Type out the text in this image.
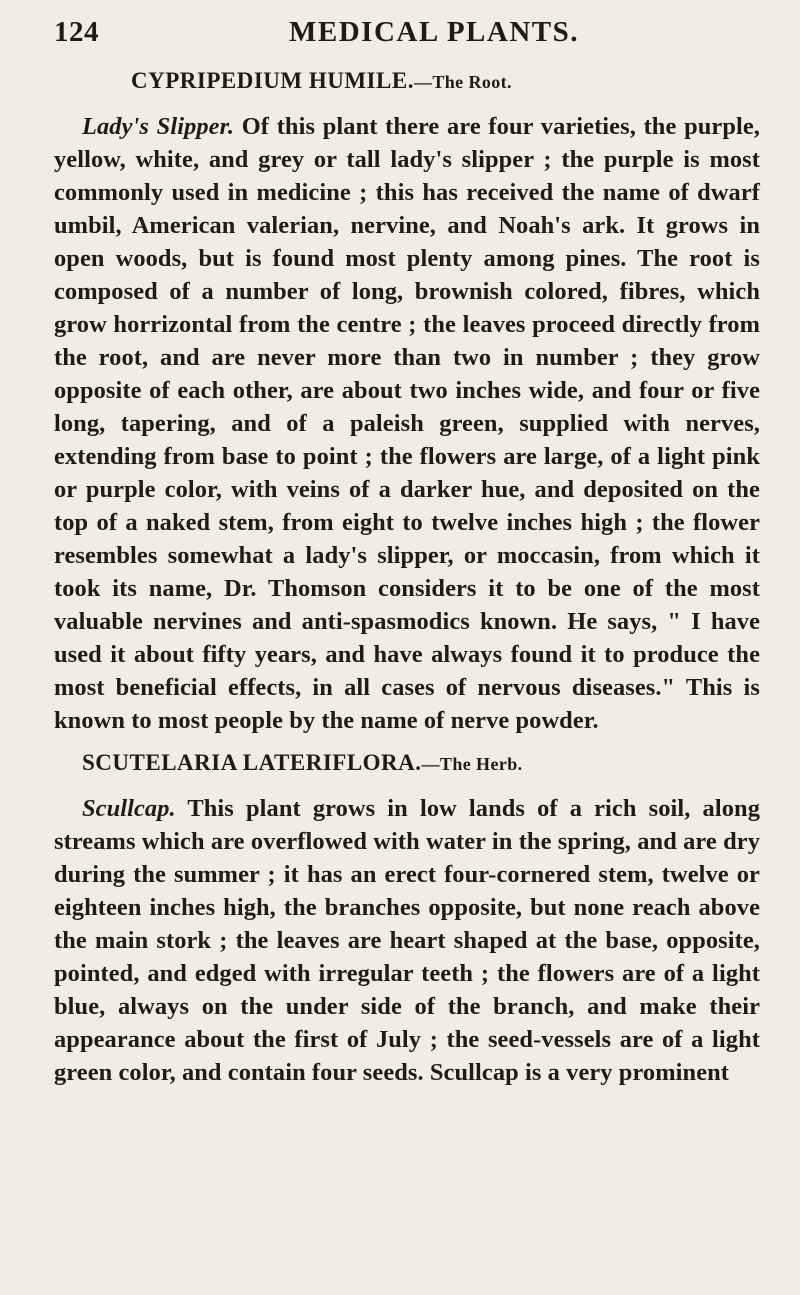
124	MEDICAL PLANTS.
CYPRIPEDIUM HUMILE.—The Root.

Lady's Slipper. Of this plant there are four varieties, the purple, yellow, white, and grey or tall lady's slipper ; the purple is most commonly used in medicine ; this has received the name of dwarf umbil, American valerian, nervine, and Noah's ark. It grows in open woods, but is found most plenty among pines. The root is composed of a number of long, brownish colored, fibres, which grow horrizontal from the centre ; the leaves proceed directly from the root, and are never more than two in number ; they grow opposite of each other, are about two inches wide, and four or five long, tapering, and of a paleish green, supplied with nerves, extending from base to point ; the flowers are large, of a light pink or purple color, with veins of a darker hue, and deposited on the top of a naked stem, from eight to twelve inches high ; the flower resembles somewhat a lady's slipper, or moccasin, from which it took its name, Dr. Thomson considers it to be one of the most valuable nervines and anti-spasmodics known. He says, " I have used it about fifty years, and have always found it to produce the most beneficial effects, in all cases of nervous diseases." This is known to most people by the name of nerve powder.

SCUTELARIA LATERIFLORA.—The Herb.

Scullcap. This plant grows in low lands of a rich soil, along streams which are overflowed with water in the spring, and are dry during the summer ; it has an erect four-cornered stem, twelve or eighteen inches high, the branches opposite, but none reach above the main stork ; the leaves are heart shaped at the base, opposite, pointed, and edged with irregular teeth ; the flowers are of a light blue, always on the under side of the branch, and make their appearance about the first of July ; the seed-vessels are of a light green color, and contain four seeds. Scullcap is a very prominent
